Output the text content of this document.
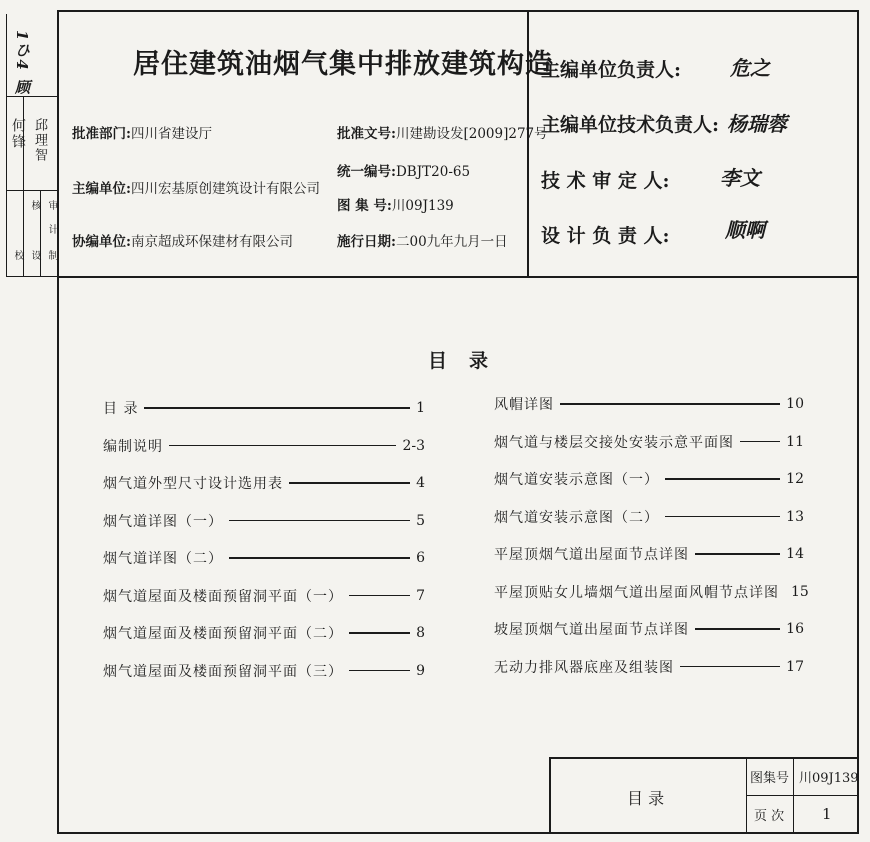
1ひ4 顾
何锋 邱理智
校
核
计
设
审
制
居住建筑油烟气集中排放建筑构造
批准部门:四川省建设厅
主编单位:四川宏基原创建筑设计有限公司
协编单位:南京超成环保建材有限公司
批准文号:川建勘设发[2009]277号
统一编号:DBJT20-65
图 集 号:川09J139
施行日期:二00九年九月一日
主编单位负责人: 危之
主编单位技术负责人: 杨瑞蓉
技 术 审 定 人:	李文
设 计 负 责 人:	顺啊
目录
目 录	1
编制说明	2-3
烟气道外型尺寸设计选用表	4
烟气道详图（一）	5
烟气道详图（二）	6
烟气道屋面及楼面预留洞平面（一）	7
烟气道屋面及楼面预留洞平面（二）	8
烟气道屋面及楼面预留洞平面（三）	9
风帽详图	10
烟气道与楼层交接处安装示意平面图	11
烟气道安装示意图（一）	12
烟气道安装示意图（二）	13
平屋顶烟气道出屋面节点详图	14
平屋顶贴女儿墙烟气道出屋面风帽节点详图 15
坡屋顶烟气道出屋面节点详图	16
无动力排风器底座及组装图	17
目 录
图集号 川09J139
页 次	1
